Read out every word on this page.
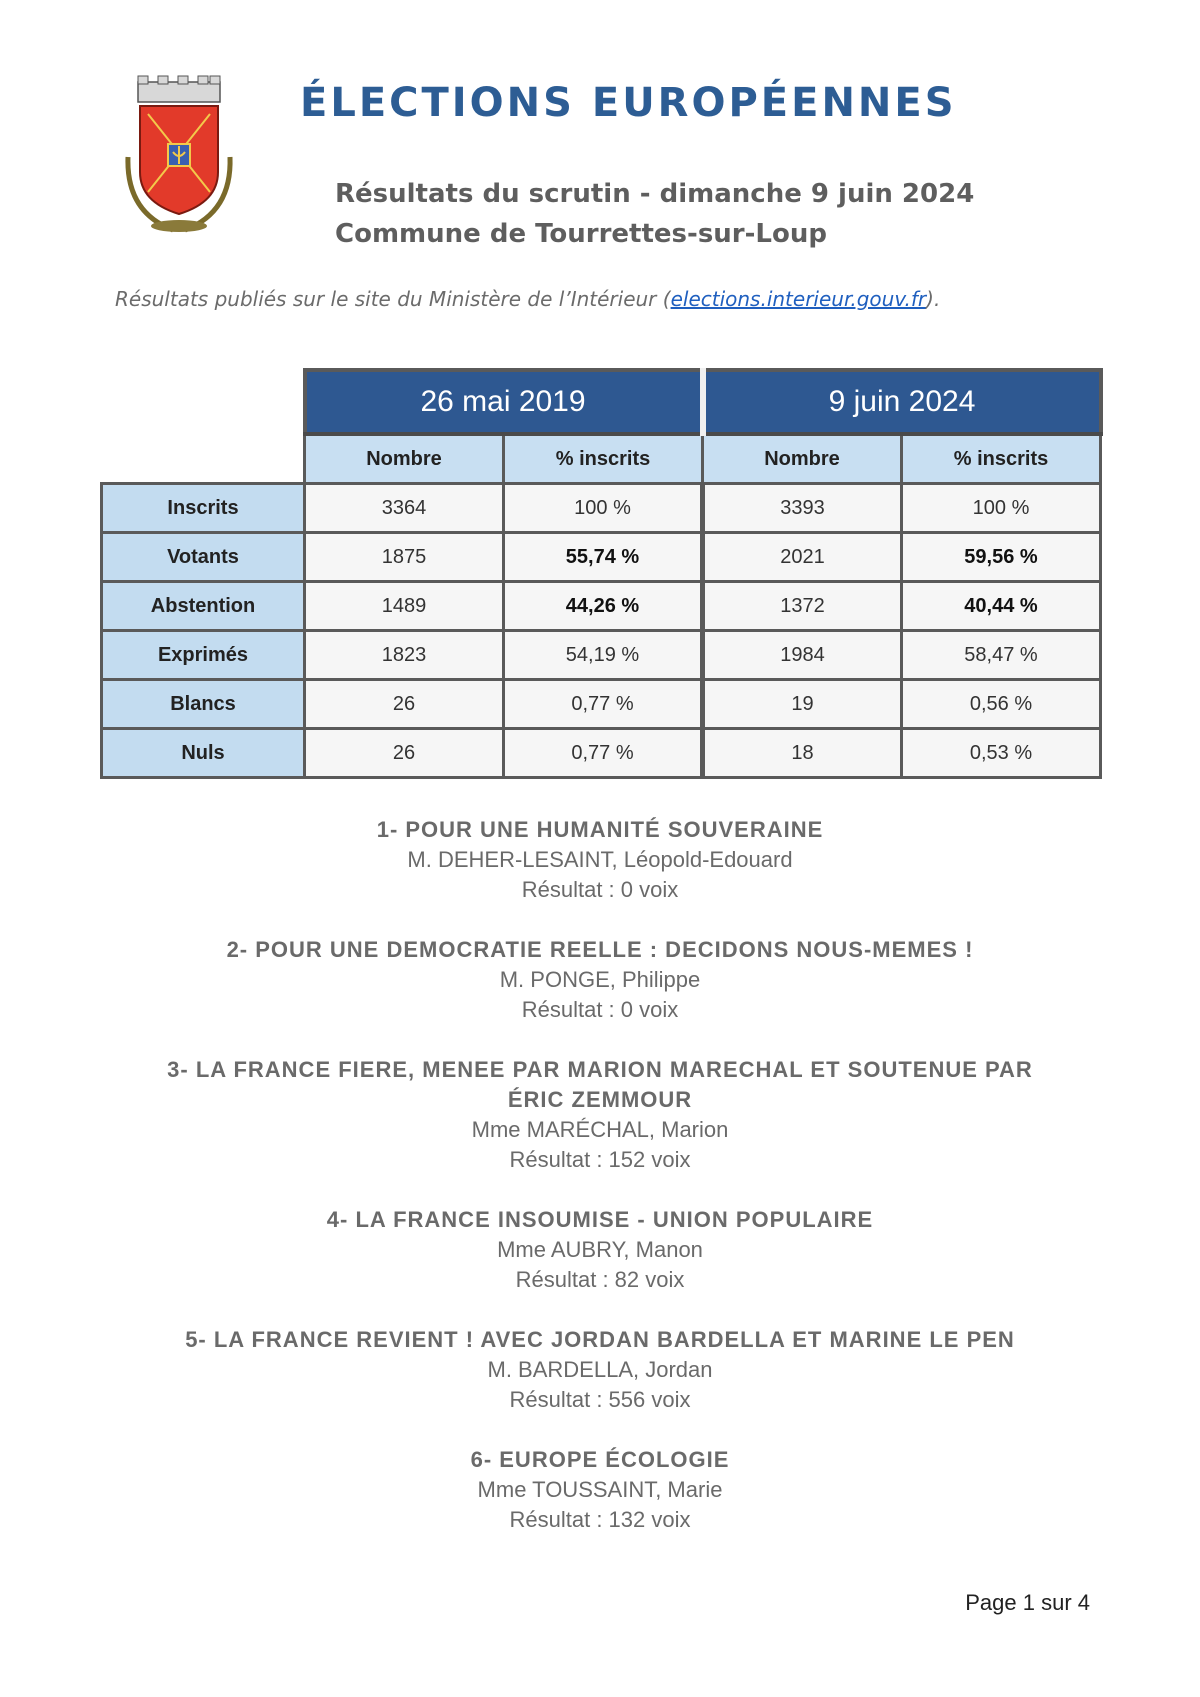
ÉLECTIONS EUROPÉENNES

Résultats du scrutin - dimanche 9 juin 2024

Commune de Tourrettes-sur-Loup

Résultats publiés sur le site du Ministère de l’Intérieur (elections.interieur.gouv.fr).

	26 mai 2019		9 juin 2024	
	Nombre	% inscrits	Nombre	% inscrits
Inscrits	3364	100 %	3393	100 %
Votants	1875	55,74 %	2021	59,56 %
Abstention	1489	44,26 %	1372	40,44 %
Exprimés	1823	54,19 %	1984	58,47 %
Blancs	26	0,77 %	19	0,56 %
Nuls	26	0,77 %	18	0,53 %
1- POUR UNE HUMANITÉ SOUVERAINE
M. DEHER-LESAINT, Léopold-Edouard
Résultat : 0 voix
2- POUR UNE DEMOCRATIE REELLE : DECIDONS NOUS-MEMES !
M. PONGE, Philippe
Résultat : 0 voix
3- LA FRANCE FIERE, MENEE PAR MARION MARECHAL ET SOUTENUE PAR ÉRIC ZEMMOUR
Mme MARÉCHAL, Marion
Résultat : 152 voix
4- LA FRANCE INSOUMISE - UNION POPULAIRE
Mme AUBRY, Manon
Résultat : 82 voix
5- LA FRANCE REVIENT ! AVEC JORDAN BARDELLA ET MARINE LE PEN
M. BARDELLA, Jordan
Résultat : 556 voix
6- EUROPE ÉCOLOGIE
Mme TOUSSAINT, Marie
Résultat : 132 voix

Page 1 sur 4
